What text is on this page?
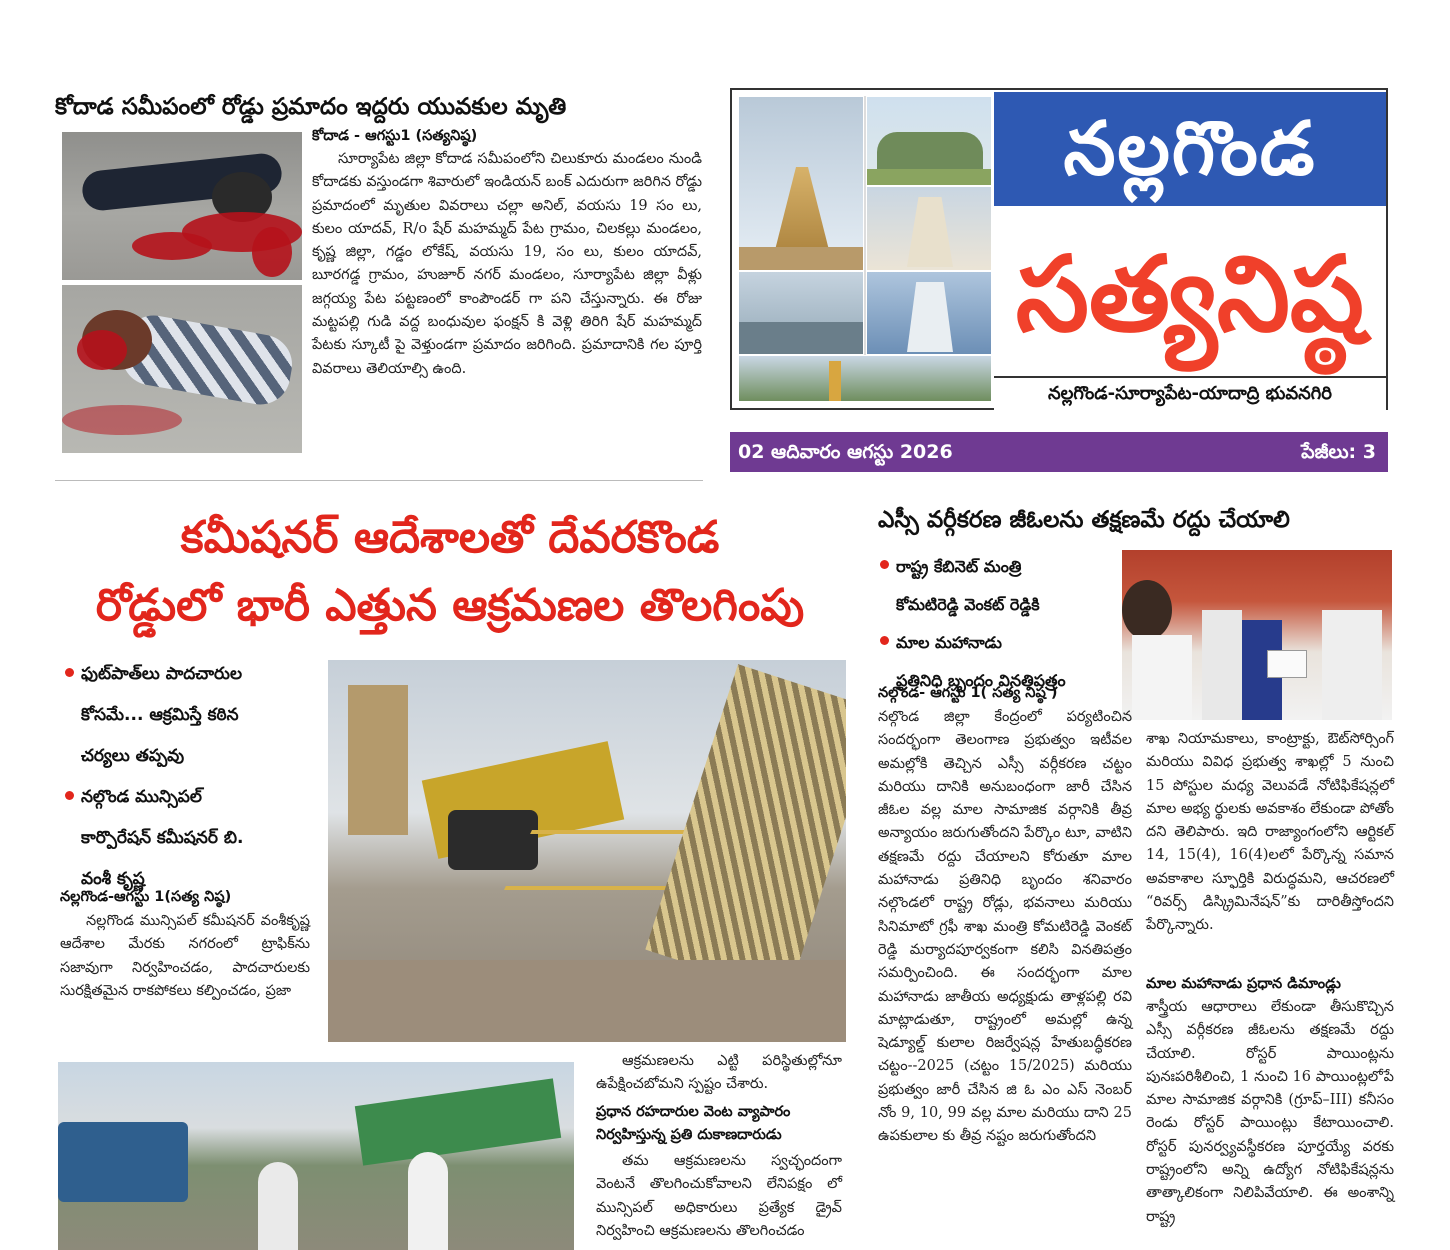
కోదాడ సమీపంలో రోడ్డు ప్రమాదం ఇద్దరు యువకుల మృతి
కోదాడ - ఆగస్టు1 (సత్యనిష్ఠ)

సూర్యాపేట జిల్లా కోదాడ సమీపంలోని చిలుకూరు మండలం నుండి కోదాడకు వస్తుండగా శివారులో ఇండియన్ బంక్ ఎదురుగా జరిగిన రోడ్డు ప్రమాదంలో మృతుల వివరాలు చల్లా అనిల్, వయసు 19 సం లు, కులం యాదవ్, R/o షేర్ మహమ్మద్ పేట గ్రామం, చిలకల్లు మండలం, కృష్ణ జిల్లా, గడ్డం లోకేష్, వయసు 19, సం లు, కులం యాదవ్, బూరగడ్డ గ్రామం, హుజూర్ నగర్ మండలం, సూర్యాపేట జిల్లా వీళ్లు జగ్గయ్య పేట పట్టణంలో కాంపౌండర్ గా పని చేస్తున్నారు. ఈ రోజు మట్టపల్లి గుడి వద్ద బంధువుల ఫంక్షన్ కి వెళ్లి తిరిగి షేర్ మహమ్మద్ పేటకు స్కూటీ పై వెళ్తుండగా ప్రమాదం జరిగింది. ప్రమాదానికి గల పూర్తి వివరాలు తెలియాల్సి ఉంది.

నల్లగొండ
సత్యనిష్ఠ
నల్లగొండ-సూర్యాపేట-యాదాద్రి భువనగిరి
02 ఆదివారం ఆగస్టు 2026	పేజీలు: 3
కమీషనర్ ఆదేశాలతో దేవరకొండ
రోడ్డులో భారీ ఎత్తున ఆక్రమణల తొలగింపు
ఫుట్‌పాత్‌లు పాదచారుల
కోసమే... ఆక్రమిస్తే కఠిన
చర్యలు తప్పవు
నల్గొండ మున్సిపల్
కార్పొరేషన్ కమీషనర్ బి.
వంశీ కృష్ణ
నల్లగొండ-ఆగస్టు 1(సత్య నిష్ఠ)

నల్లగొండ మున్సిపల్ కమీషనర్ వంశీకృష్ణ ఆదేశాల మేరకు నగరంలో ట్రాఫిక్‌ను సజావుగా నిర్వహించడం, పాదచారులకు సురక్షితమైన రాకపోకలు కల్పించడం, ప్రజా

ఆక్రమణలను ఎట్టి పరిస్థితుల్లోనూ ఉపేక్షించబోమని స్పష్టం చేశారు.

ప్రధాన రహదారుల వెంట వ్యాపారం నిర్వహిస్తున్న ప్రతి దుకాణదారుడు

తమ ఆక్రమణలను స్వచ్ఛందంగా వెంటనే తొలగించుకోవాలని లేనిపక్షం లో మున్సిపల్ అధికారులు ప్రత్యేక డ్రైవ్ నిర్వహించి ఆక్రమణలను తొలగించడం

ఎస్సీ వర్గీకరణ జీఓలను తక్షణమే రద్దు చేయాలి
రాష్ట్ర కేబినెట్ మంత్రి
కోమటిరెడ్డి వెంకట్ రెడ్డికి
మాల మహానాడు
ప్రతినిధి బృందం వినతిపత్రం
నల్గొండ- ఆగస్టు 1( సత్య నిష్ఠ )

నల్గొండ జిల్లా కేంద్రంలో పర్యటించిన సందర్భంగా తెలంగాణ ప్రభుత్వం ఇటీవల అమల్లోకి తెచ్చిన ఎస్సీ వర్గీకరణ చట్టం మరియు దానికి అనుబంధంగా జారీ చేసిన జీఓల వల్ల మాల సామాజిక వర్గానికి తీవ్ర అన్యాయం జరుగుతోందని పేర్కొం టూ, వాటిని తక్షణమే రద్దు చేయాలని కోరుతూ మాల మహానాడు ప్రతినిధి బృందం శనివారం నల్గొండలో రాష్ట్ర రోడ్లు, భవనాలు మరియు సినిమాటో గ్రఫీ శాఖ మంత్రి కోమటిరెడ్డి వెంకట్ రెడ్డి మర్యాదపూర్వకంగా కలిసి వినతిపత్రం సమర్పించింది. ఈ సందర్భంగా మాల మహానాడు జాతీయ అధ్యక్షుడు తాళ్లపల్లి రవి మాట్లాడుతూ, రాష్ట్రంలో అమల్లో ఉన్న షెడ్యూల్డ్ కులాల రిజర్వేషన్ల హేతుబద్ధీకరణ చట్టం--2025 (చట్టం 15/2025) మరియు ప్రభుత్వం జారీ చేసిన జి ఓ ఎం ఎస్ నెంబర్ నోం 9, 10, 99 వల్ల మాల మరియు దాని 25 ఉపకులాల కు తీవ్ర నష్టం జరుగుతోందని

శాఖ నియామకాలు, కాంట్రాక్టు, ఔట్‌సోర్సింగ్ మరియు వివిధ ప్రభుత్వ శాఖల్లో 5 నుంచి 15 పోస్టుల మధ్య వెలువడే నోటిఫికేషన్లలో మాల అభ్య ర్థులకు అవకాశం లేకుండా పోతోం దని తెలిపారు. ఇది రాజ్యాంగంలోని ఆర్టికల్ 14, 15(4), 16(4)లలో పేర్కొన్న సమాన అవకాశాల స్ఫూర్తికి విరుద్ధమని, ఆచరణలో “రివర్స్ డిస్క్రిమినేషన్”కు దారితీస్తోందని పేర్కొన్నారు.

మాల మహానాడు ప్రధాన డిమాండ్లు

శాస్త్రీయ ఆధారాలు లేకుండా తీసుకొచ్చిన ఎస్సీ వర్గీకరణ జీఓలను తక్షణమే రద్దు చేయాలి. రోస్టర్ పాయింట్లను పునఃపరిశీలించి, 1 నుంచి 16 పాయింట్లలోపే మాల సామాజిక వర్గానికి (గ్రూప్–III) కనీసం రెండు రోస్టర్ పాయింట్లు కేటాయించాలి. రోస్టర్ పునర్వ్యవస్థీకరణ పూర్తయ్యే వరకు రాష్ట్రంలోని అన్ని ఉద్యోగ నోటిఫికేషన్లను తాత్కాలికంగా నిలిపివేయాలి. ఈ అంశాన్ని రాష్ట్ర
